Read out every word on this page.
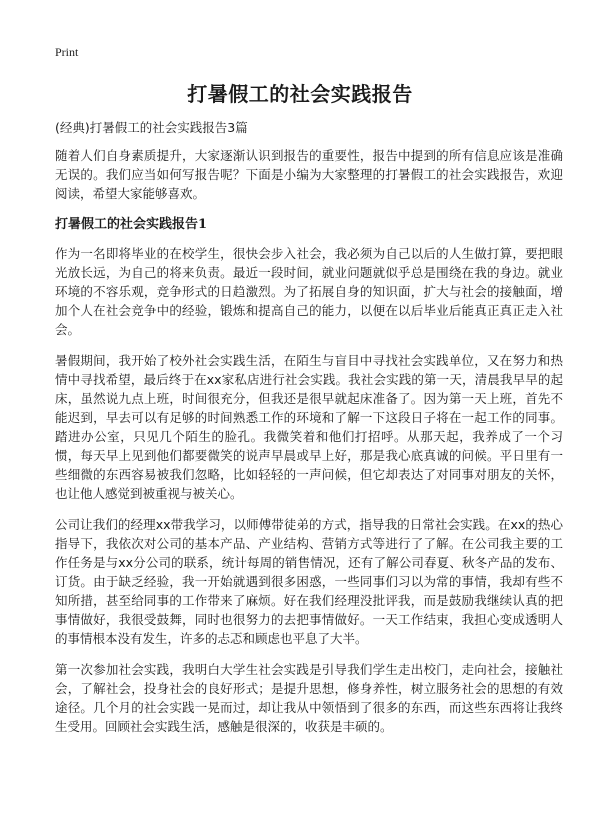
Print
打暑假工的社会实践报告

(经典)打暑假工的社会实践报告3篇

随着人们自身素质提升，大家逐渐认识到报告的重要性，报告中提到的所有信息应该是准确无误的。我们应当如何写报告呢？下面是小编为大家整理的打暑假工的社会实践报告，欢迎阅读，希望大家能够喜欢。

打暑假工的社会实践报告1

作为一名即将毕业的在校学生，很快会步入社会，我必须为自己以后的人生做打算，要把眼光放长远，为自己的将来负责。最近一段时间，就业问题就似乎总是围绕在我的身边。就业环境的不容乐观，竞争形式的日趋激烈。为了拓展自身的知识面，扩大与社会的接触面，增加个人在社会竞争中的经验，锻炼和提高自己的能力，以便在以后毕业后能真正真正走入社会。

暑假期间，我开始了校外社会实践生活，在陌生与盲目中寻找社会实践单位，又在努力和热情中寻找希望，最后终于在xx家私店进行社会实践。我社会实践的第一天，清晨我早早的起床，虽然说九点上班，时间很充分，但我还是很早就起床准备了。因为第一天上班，首先不能迟到，早去可以有足够的时间熟悉工作的环境和了解一下这段日子将在一起工作的同事。踏进办公室，只见几个陌生的脸孔。我微笑着和他们打招呼。从那天起，我养成了一个习惯，每天早上见到他们都要微笑的说声早晨或早上好，那是我心底真诚的问候。平日里有一些细微的东西容易被我们忽略，比如轻轻的一声问候，但它却表达了对同事对朋友的关怀，也让他人感觉到被重视与被关心。

公司让我们的经理xx带我学习，以师傅带徒弟的方式，指导我的日常社会实践。在xx的热心指导下，我依次对公司的基本产品、产业结构、营销方式等进行了了解。在公司我主要的工作任务是与xx分公司的联系，统计每周的销售情况，还有了解公司春夏、秋冬产品的发布、订货。由于缺乏经验，我一开始就遇到很多困惑，一些同事们习以为常的事情，我却有些不知所措，甚至给同事的工作带来了麻烦。好在我们经理没批评我，而是鼓励我继续认真的把事情做好，我很受鼓舞，同时也很努力的去把事情做好。一天工作结束，我担心变成透明人的事情根本没有发生，许多的忐忑和顾虑也平息了大半。

第一次参加社会实践，我明白大学生社会实践是引导我们学生走出校门，走向社会，接触社会，了解社会，投身社会的良好形式；是提升思想，修身养性，树立服务社会的思想的有效途径。几个月的社会实践一晃而过，却让我从中领悟到了很多的东西，而这些东西将让我终生受用。回顾社会实践生活，感触是很深的，收获是丰硕的。
